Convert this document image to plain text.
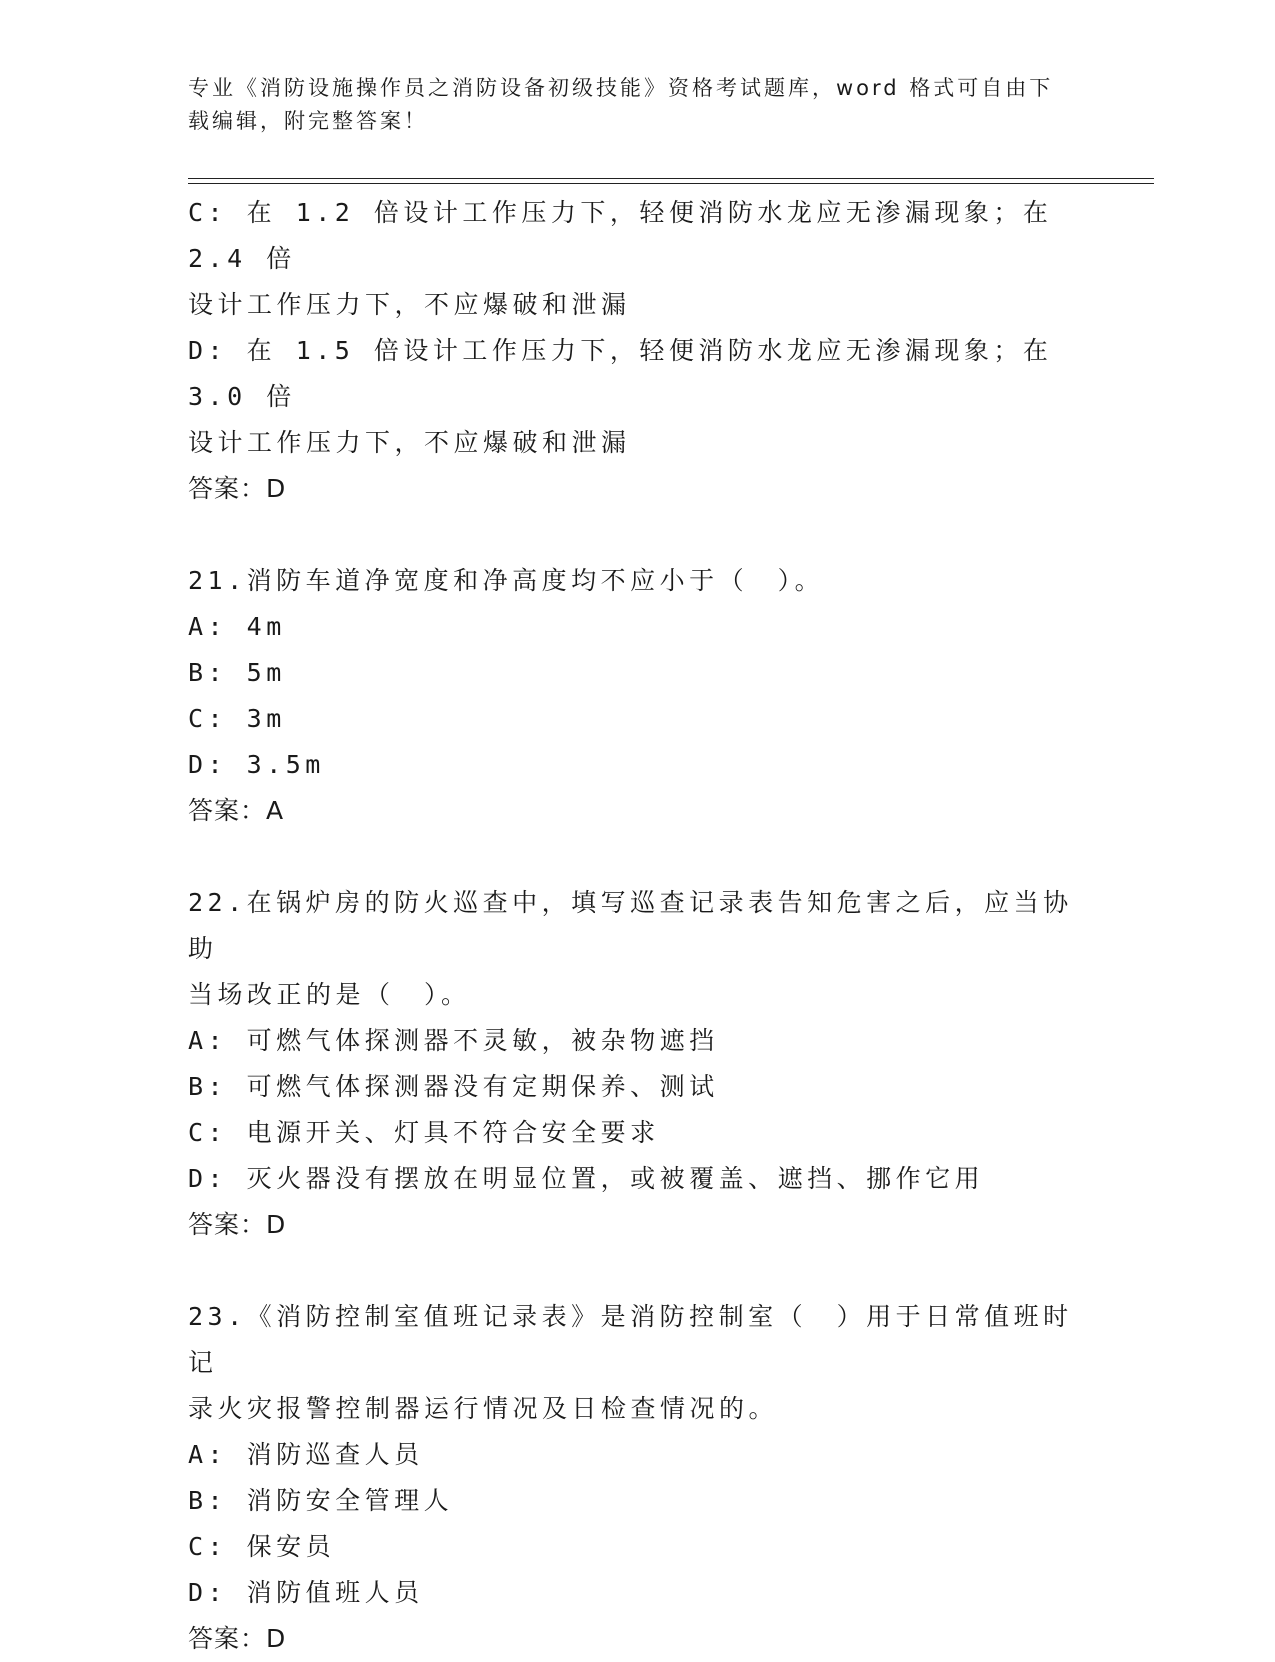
专业《消防设施操作员之消防设备初级技能》资格考试题库，word 格式可自由下
载编辑，附完整答案！
C: 在 1.2 倍设计工作压力下，轻便消防水龙应无渗漏现象；在 2.4 倍
设计工作压力下，不应爆破和泄漏
D: 在 1.5 倍设计工作压力下，轻便消防水龙应无渗漏现象；在 3.0 倍
设计工作压力下，不应爆破和泄漏
答案：D
21.消防车道净宽度和净高度均不应小于（　）。
A: 4m
B: 5m
C: 3m
D: 3.5m
答案：A
22.在锅炉房的防火巡查中，填写巡查记录表告知危害之后，应当协助
当场改正的是（　）。
A: 可燃气体探测器不灵敏，被杂物遮挡
B: 可燃气体探测器没有定期保养、测试
C: 电源开关、灯具不符合安全要求
D: 灭火器没有摆放在明显位置，或被覆盖、遮挡、挪作它用
答案：D
23.《消防控制室值班记录表》是消防控制室（　）用于日常值班时记
录火灾报警控制器运行情况及日检查情况的。
A: 消防巡查人员
B: 消防安全管理人
C: 保安员
D: 消防值班人员
答案：D
